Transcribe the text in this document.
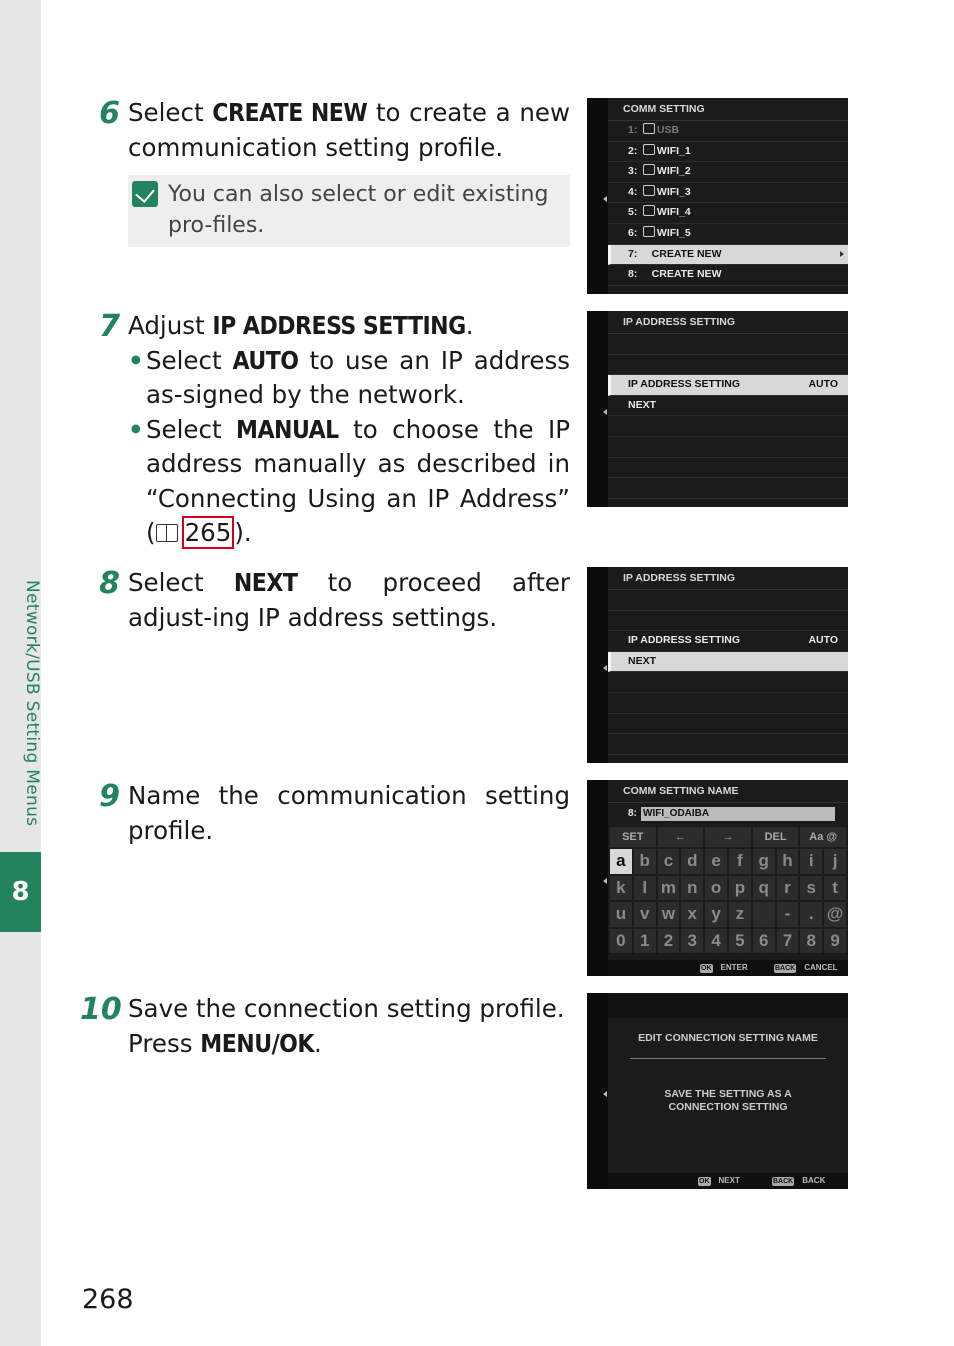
Network/USB Setting Menus
8
6 Select CREATE NEW to create a new communication setting profile.
You can also select or edit existing pro-files.
7 Adjust IP ADDRESS SETTING.
• Select AUTO to use an IP address as-signed by the network.
• Select MANUAL to choose the IP address manually as described in “Connecting Using an IP Address” ( 265 ).
8 Select NEXT to proceed after adjust-ing IP address settings.
9 Name the communication setting profile.
10 Save the connection setting profile.
Press MENU/OK.
COMM SETTING
1: USB
2: WIFI_1
3: WIFI_2
4: WIFI_3
5: WIFI_4
6: WIFI_5
7: CREATE NEW
8: CREATE NEW
IP ADDRESS SETTING
IP ADDRESS SETTING	AUTO
NEXT
IP ADDRESS SETTING
IP ADDRESS SETTING	AUTO
NEXT
COMM SETTING NAME
8: WIFI_ODAIBA
SET	←	→	DEL	Aa @
a b c d e f g h i	j
k l m n o p q r s t
u v w x y z	-	. @
0 1 2 3 4 5 6 7 8 9
OK ENTER	BACK CANCEL
EDIT CONNECTION SETTING NAME
SAVE THE SETTING AS A
CONNECTION SETTING
OK NEXT	BACK BACK
268
